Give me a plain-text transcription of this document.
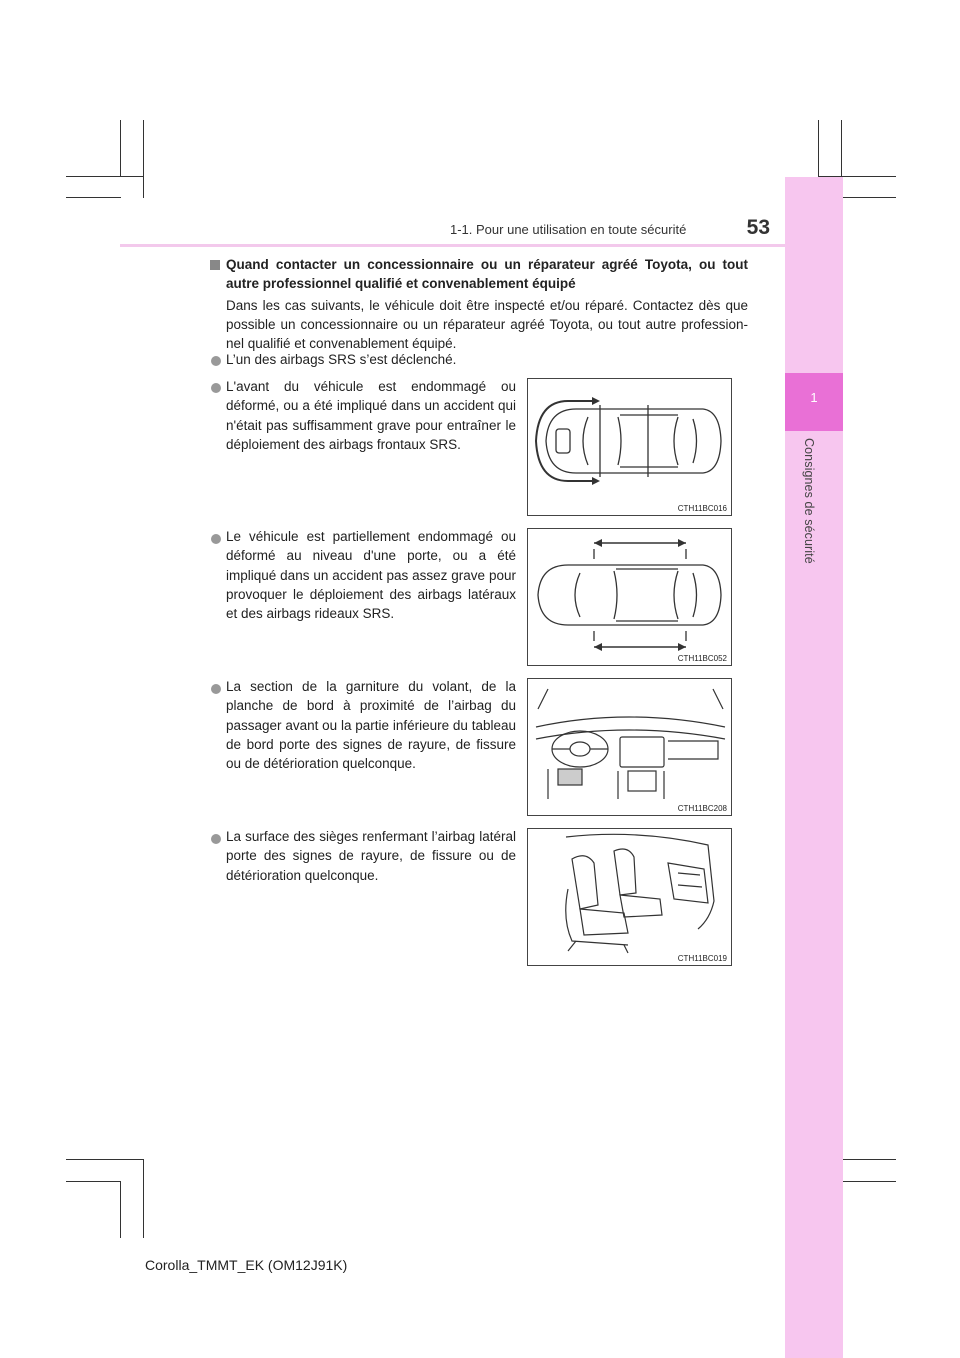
1
Consignes de sécurité
1-1. Pour une utilisation en toute sécurité	53
Quand contacter un concessionnaire ou un réparateur agréé Toyota, ou tout autre professionnel qualifié et convenablement équipé
Dans les cas suivants, le véhicule doit être inspecté et/ou réparé. Contactez dès que possible un concessionnaire ou un réparateur agréé Toyota, ou tout autre profession-nel qualifié et convenablement équipé.
L’un des airbags SRS s’est déclenché.
L'avant du véhicule est endommagé ou déformé, ou a été impliqué dans un accident qui n'était pas suffisamment grave pour entraîner le déploiement des airbags frontaux SRS.
CTH11BC016
Le véhicule est partiellement endommagé ou déformé au niveau d'une porte, ou a été impliqué dans un accident pas assez grave pour provoquer le déploiement des airbags latéraux et des airbags rideaux SRS.
CTH11BC052
La section de la garniture du volant, de la planche de bord à proximité de l’airbag du passager avant ou la partie inférieure du tableau de bord porte des signes de rayure, de fissure ou de détérioration quelconque.
CTH11BC208
La surface des sièges renfermant l’airbag latéral porte des signes de rayure, de fissure ou de détérioration quelconque.
CTH11BC019
Corolla_TMMT_EK (OM12J91K)
